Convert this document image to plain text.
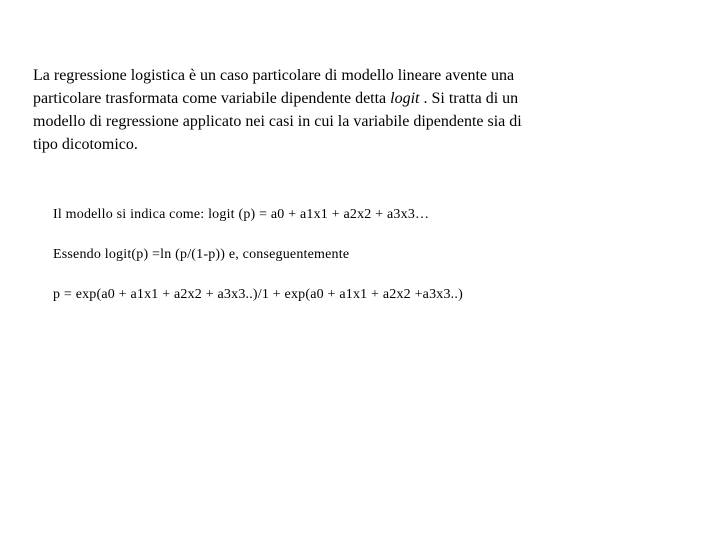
La regressione logistica è un caso particolare di modello lineare avente una
particolare trasformata come variabile dipendente detta logit . Si tratta di un
modello di regressione applicato nei casi in cui la variabile dipendente sia di
tipo dicotomico.
Il modello si indica come: logit (p) = a0 + a1x1 + a2x2 + a3x3…
Essendo logit(p) =ln (p/(1-p)) e, conseguentemente
p = exp(a0 + a1x1 + a2x2 + a3x3..)/1 + exp(a0 + a1x1 + a2x2 +a3x3..)
